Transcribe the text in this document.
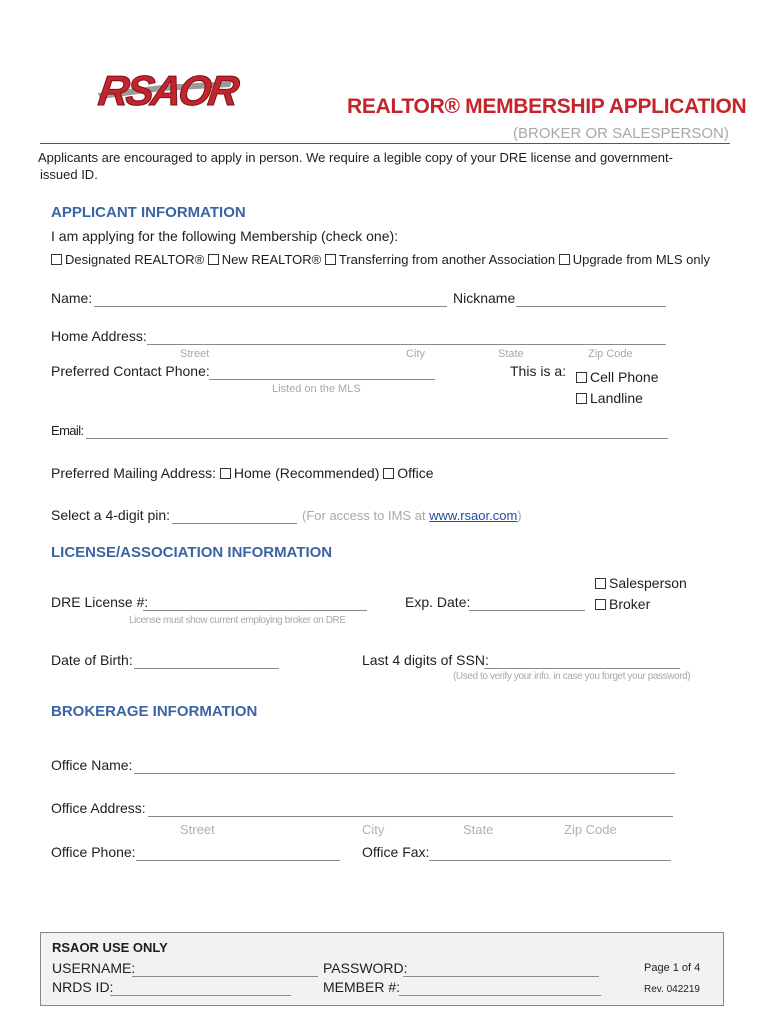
RSAOR	REALTOR® MEMBERSHIP APPLICATION
(BROKER OR SALESPERSON)
Applicants are encouraged to apply in person. We require a legible copy of your DRE license and government-
issued ID.
APPLICANT INFORMATION
I am applying for the following Membership (check one):
Designated REALTOR® New REALTOR® Transferring from another Association Upgrade from MLS only
Name:	Nickname
Home Address:
Street	City	State	Zip Code
Preferred Contact Phone:
Listed on the MLS
This is a:	Cell Phone
Landline
Email:
Preferred Mailing Address: Home (Recommended) Office
Select a 4-digit pin:	(For access to IMS at www.rsaor.com)
LICENSE/ASSOCIATION INFORMATION
Salesperson
Broker
DRE License #:	Exp. Date:
License must show current employing broker on DRE
Date of Birth:	Last 4 digits of SSN:
(Used to verify your info. in case you forget your password)
BROKERAGE INFORMATION
Office Name:
Office Address:
Street	City	State	Zip Code
Office Phone:	Office Fax:
RSAOR USE ONLY
USERNAME:	PASSWORD:
NRDS ID:	MEMBER #:
Page 1 of 4
Rev. 042219
